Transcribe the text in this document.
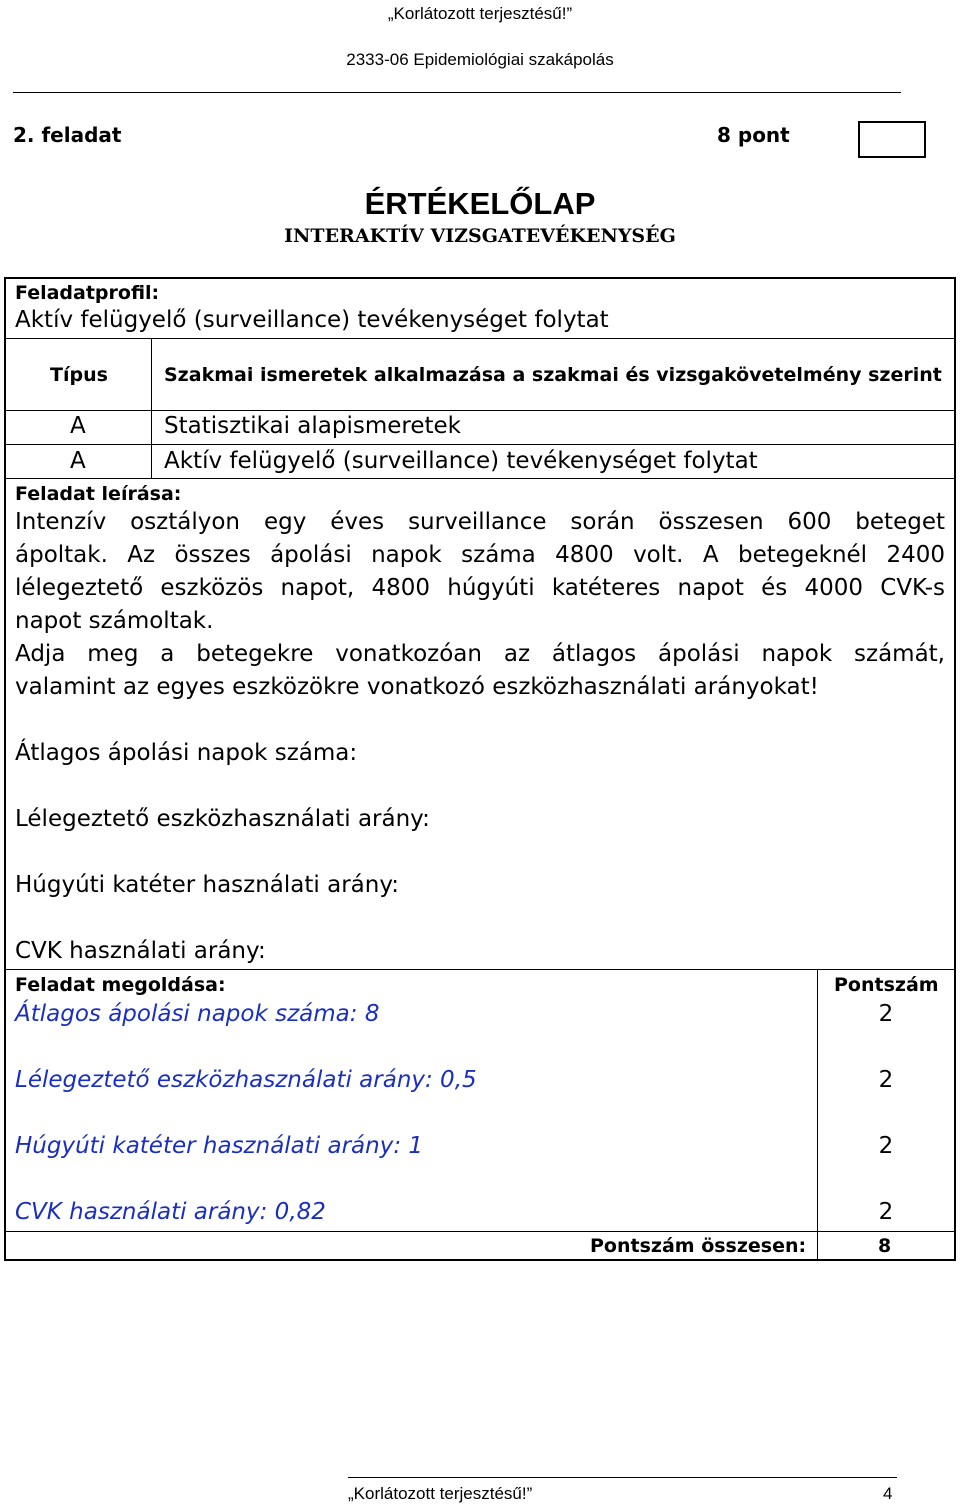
„Korlátozott terjesztésű!”
2333-06 Epidemiológiai szakápolás
2. feladat	8 pont
ÉRTÉKELŐLAP
INTERAKTÍV VIZSGATEVÉKENYSÉG
Feladatprofil:
Aktív felügyelő (surveillance) tevékenységet folytat
Típus	Szakmai ismeretek alkalmazása a szakmai és vizsgakövetelmény szerint
A	Statisztikai alapismeretek
A	Aktív felügyelő (surveillance) tevékenységet folytat
Feladat leírása:
Intenzív osztályon egy éves surveillance során összesen 600 beteget
ápoltak. Az összes ápolási napok száma 4800 volt. A betegeknél 2400
lélegeztető eszközös napot, 4800 húgyúti katéteres napot és 4000 CVK-s
napot számoltak.
Adja meg a betegekre vonatkozóan az átlagos ápolási napok számát,
valamint az egyes eszközökre vonatkozó eszközhasználati arányokat!
Átlagos ápolási napok száma:
Lélegeztető eszközhasználati arány:
Húgyúti katéter használati arány:
CVK használati arány:
Feladat megoldása:	Pontszám
Átlagos ápolási napok száma: 8	2
Lélegeztető eszközhasználati arány: 0,5	2
Húgyúti katéter használati arány: 1	2
CVK használati arány: 0,82	2
Pontszám összesen:	8
„Korlátozott terjesztésű!”	4
